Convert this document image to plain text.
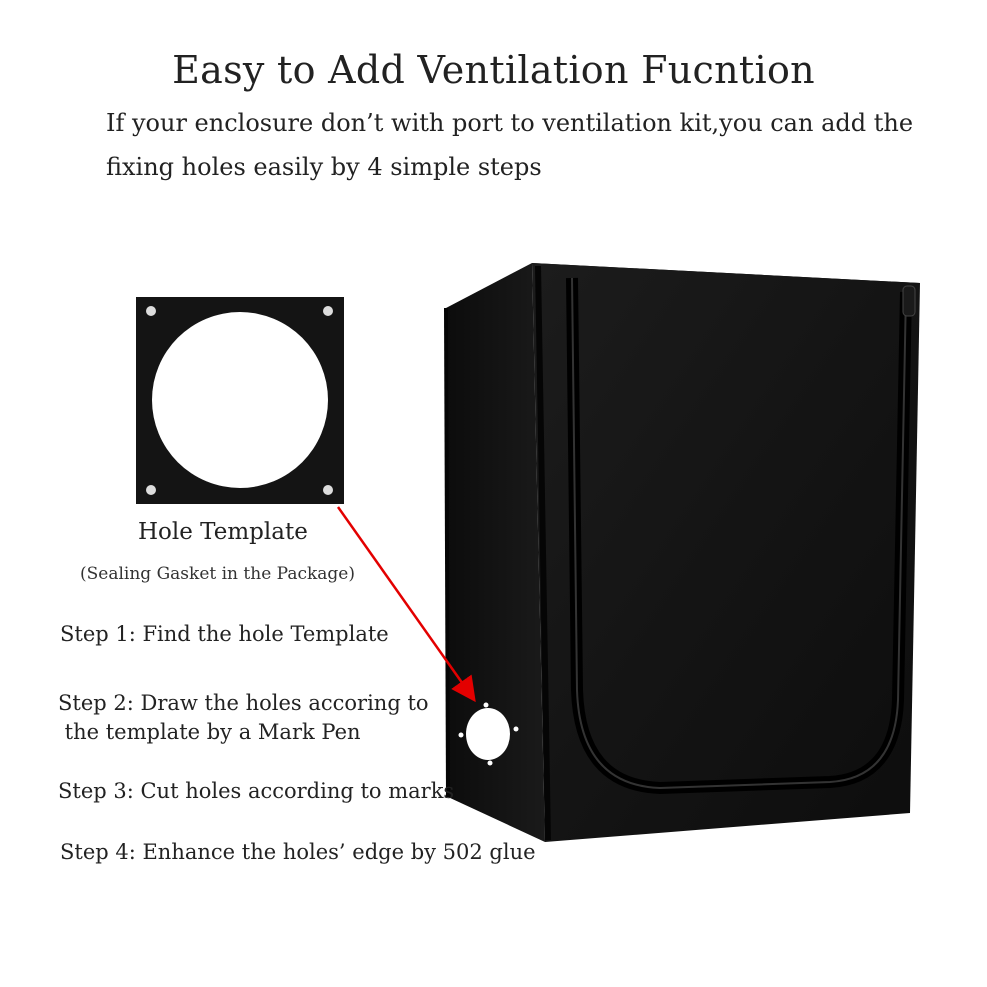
Easy to Add Ventilation Fucntion
If your enclosure don’t with port to ventilation kit,you can add the
fixing holes easily by 4 simple steps
Hole Template
(Sealing Gasket in the Package)
Step 1: Find the hole Template
Step 2: Draw the holes accoring to
the template by a Mark Pen
Step 3: Cut holes according to marks
Step 4: Enhance the holes’ edge by 502 glue
